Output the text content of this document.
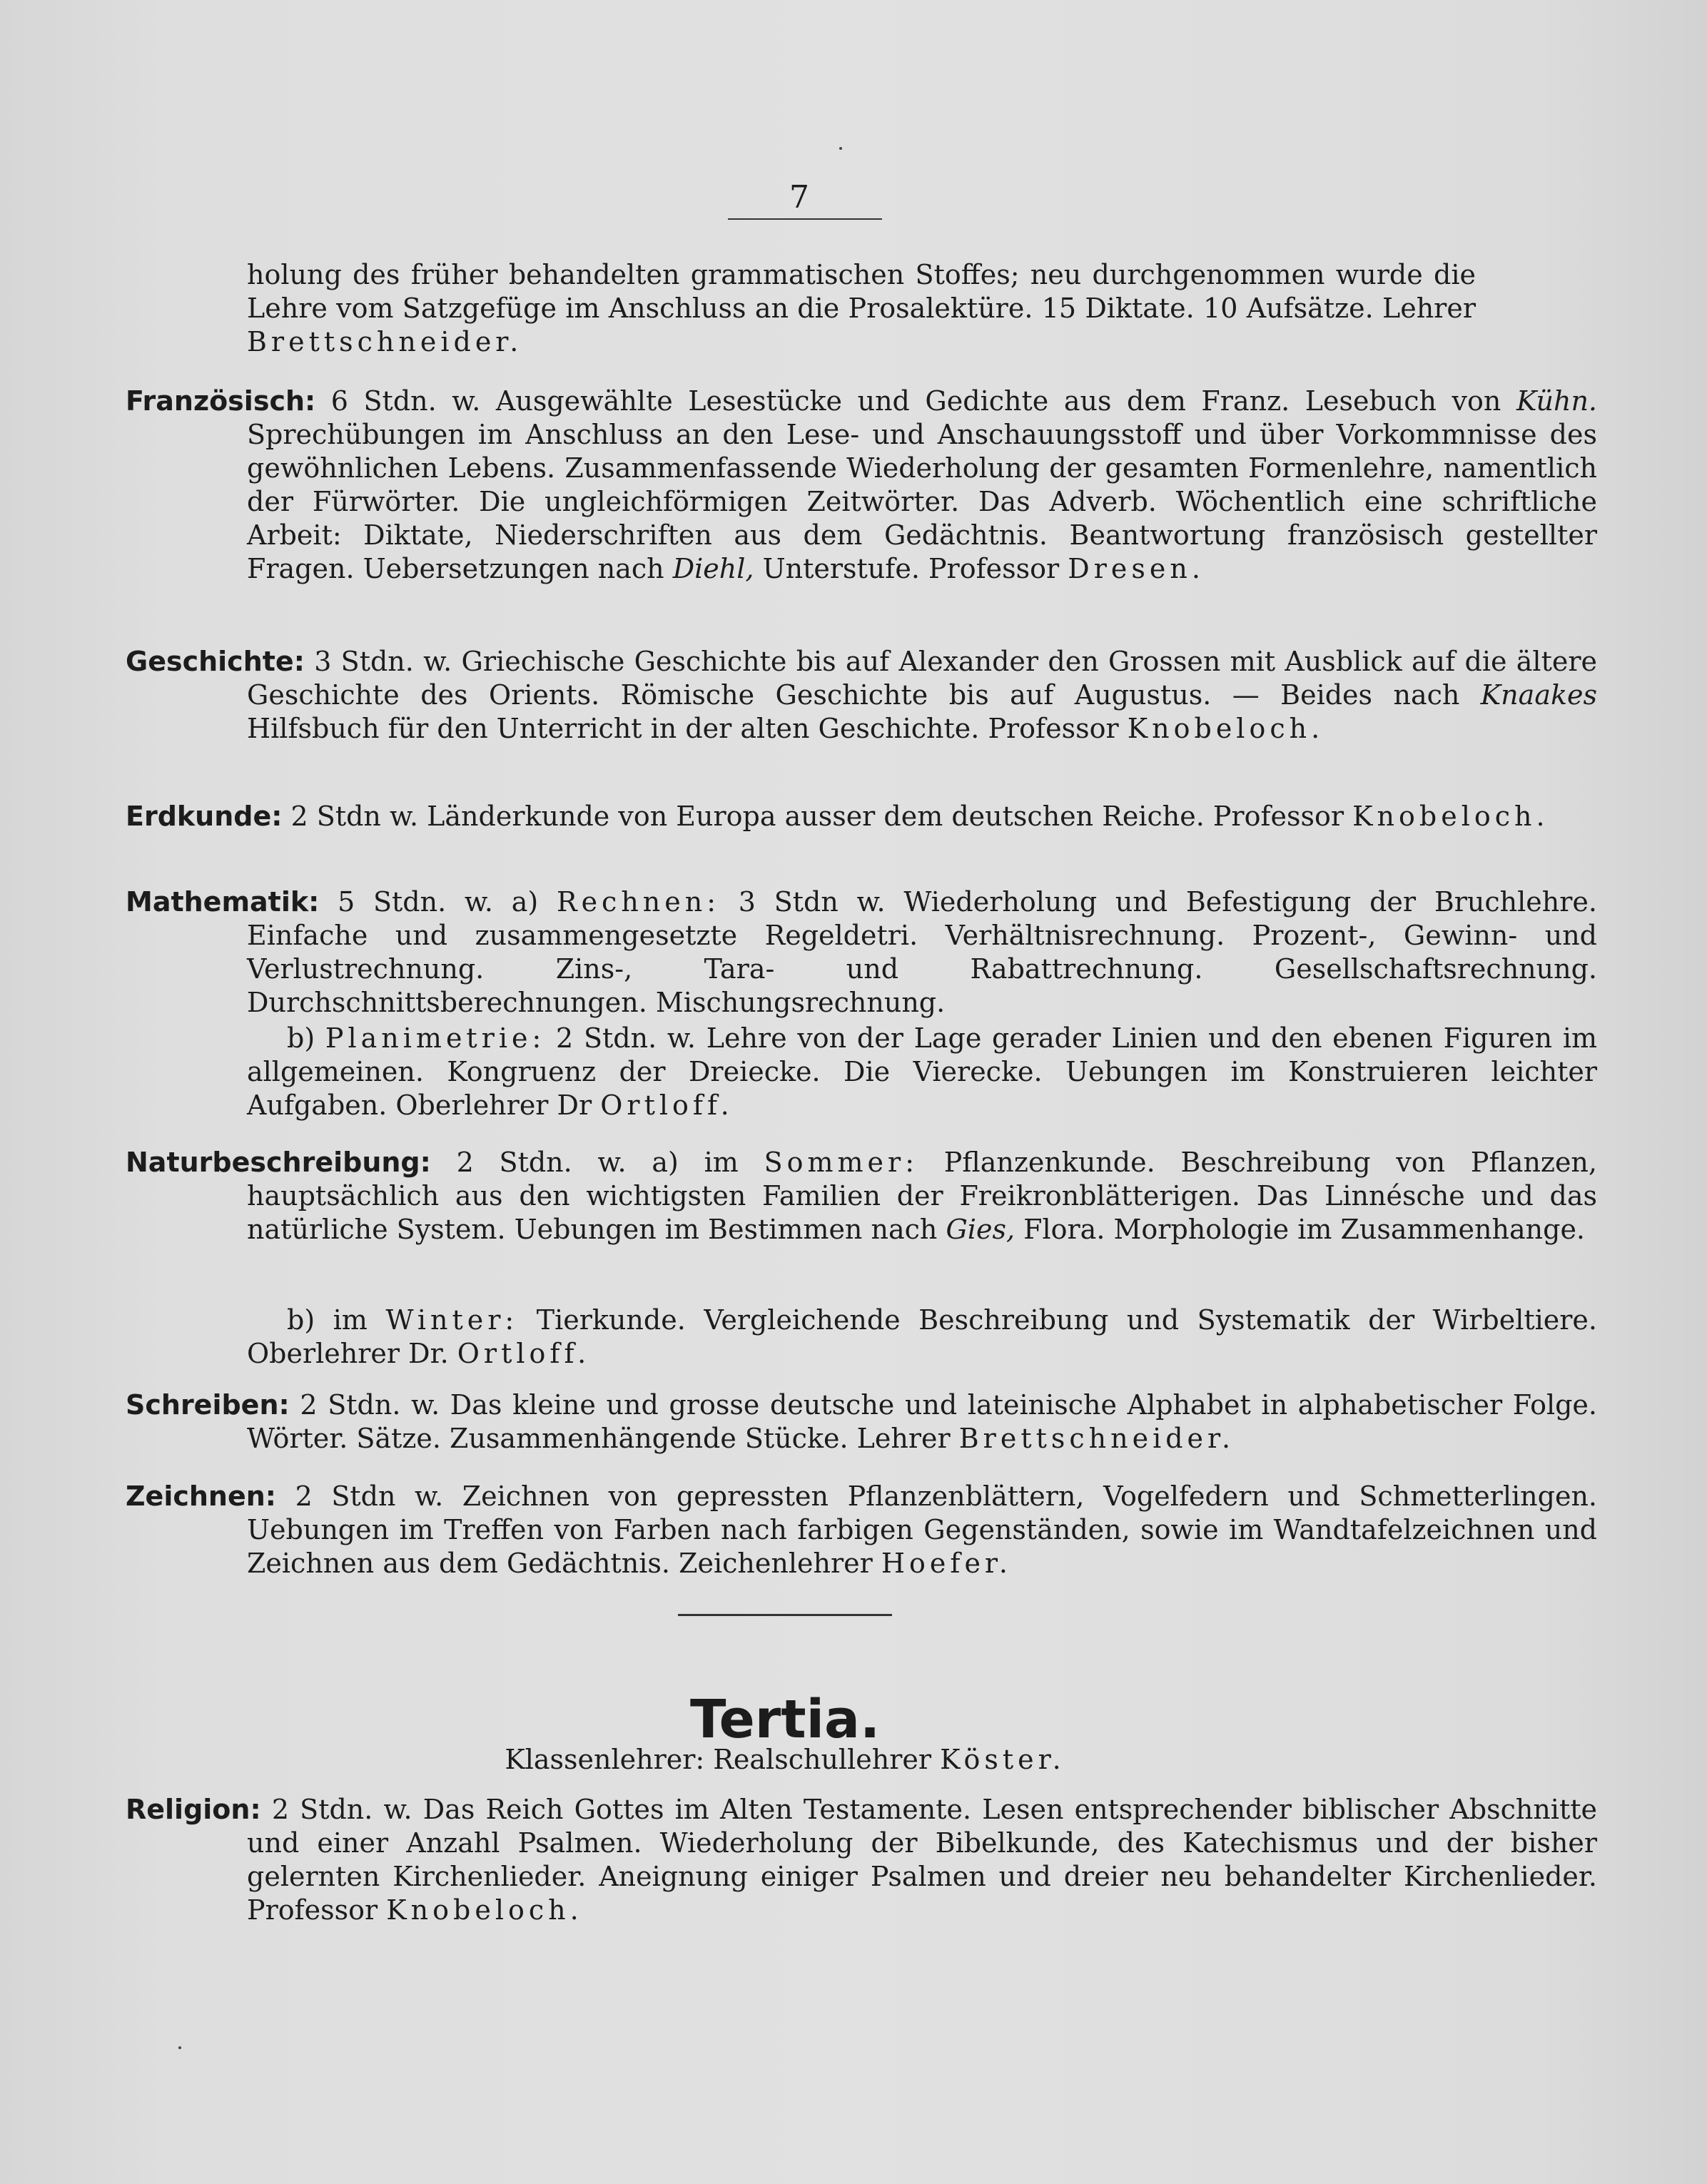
7
holung des früher behandelten grammatischen Stoffes; neu durchgenommen wurde die Lehre vom Satzgefüge im Anschluss an die Prosalektüre. 15 Diktate. 10 Aufsätze. Lehrer Brettschneider.
Französisch: 6 Stdn. w. Ausgewählte Lesestücke und Gedichte aus dem Franz. Lesebuch von Kühn. Sprechübungen im Anschluss an den Lese- und Anschauungsstoff und über Vorkommnisse des gewöhnlichen Lebens. Zusammenfassende Wiederholung der gesamten Formenlehre, namentlich der Fürwörter. Die ungleichförmigen Zeitwörter. Das Adverb. Wöchentlich eine schriftliche Arbeit: Diktate, Niederschriften aus dem Gedächtnis. Beantwortung französisch gestellter Fragen. Uebersetzungen nach Diehl, Unterstufe. Professor Dresen.
Geschichte: 3 Stdn. w. Griechische Geschichte bis auf Alexander den Grossen mit Ausblick auf die ältere Geschichte des Orients. Römische Geschichte bis auf Augustus. — Beides nach Knaakes Hilfsbuch für den Unterricht in der alten Geschichte. Professor Knobeloch.
Erdkunde: 2 Stdn w. Länderkunde von Europa ausser dem deutschen Reiche. Professor Knobeloch.
Mathematik: 5 Stdn. w. a) Rechnen: 3 Stdn w. Wiederholung und Befestigung der Bruchlehre. Einfache und zusammengesetzte Regeldetri. Verhältnisrechnung. Prozent-, Gewinn- und Verlustrechnung. Zins-, Tara- und Rabattrechnung. Gesellschaftsrechnung. Durchschnittsberechnungen. Mischungsrechnung.
b) Planimetrie: 2 Stdn. w. Lehre von der Lage gerader Linien und den ebenen Figuren im allgemeinen. Kongruenz der Dreiecke. Die Vierecke. Uebungen im Konstruieren leichter Aufgaben. Oberlehrer Dr Ortloff.
Naturbeschreibung: 2 Stdn. w. a) im Sommer: Pflanzenkunde. Beschreibung von Pflanzen, hauptsächlich aus den wichtigsten Familien der Freikronblätterigen. Das Linnésche und das natürliche System. Uebungen im Bestimmen nach Gies, Flora. Morphologie im Zusammenhange.
b) im Winter: Tierkunde. Vergleichende Beschreibung und Systematik der Wirbeltiere. Oberlehrer Dr. Ortloff.
Schreiben: 2 Stdn. w. Das kleine und grosse deutsche und lateinische Alphabet in alphabetischer Folge. Wörter. Sätze. Zusammenhängende Stücke. Lehrer Brettschneider.
Zeichnen: 2 Stdn w. Zeichnen von gepressten Pflanzenblättern, Vogelfedern und Schmetterlingen. Uebungen im Treffen von Farben nach farbigen Gegenständen, sowie im Wandtafelzeichnen und Zeichnen aus dem Gedächtnis. Zeichenlehrer Hoefer.
Tertia.
Klassenlehrer: Realschullehrer Köster.
Religion: 2 Stdn. w. Das Reich Gottes im Alten Testamente. Lesen entsprechender biblischer Abschnitte und einer Anzahl Psalmen. Wiederholung der Bibelkunde, des Katechismus und der bisher gelernten Kirchenlieder. Aneignung einiger Psalmen und dreier neu behandelter Kirchenlieder. Professor Knobeloch.
